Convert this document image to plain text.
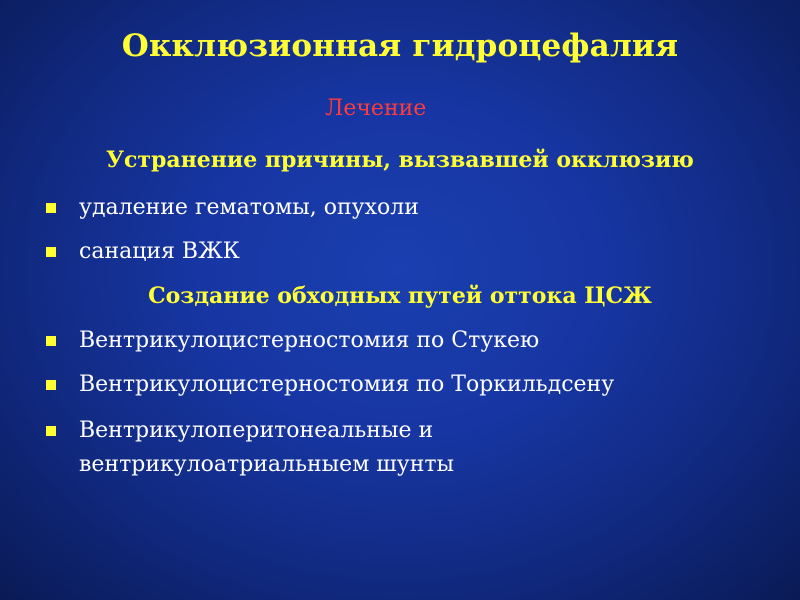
Окклюзионная гидроцефалия
Лечение
Устранение причины, вызвавшей окклюзию
удаление гематомы, опухоли
санация ВЖК
Создание обходных путей оттока ЦСЖ
Вентрикулоцистерностомия по Стукею
Вентрикулоцистерностомия по Торкильдсену
Вентрикулоперитонеальные и вентрикулоатриальныем шунты
